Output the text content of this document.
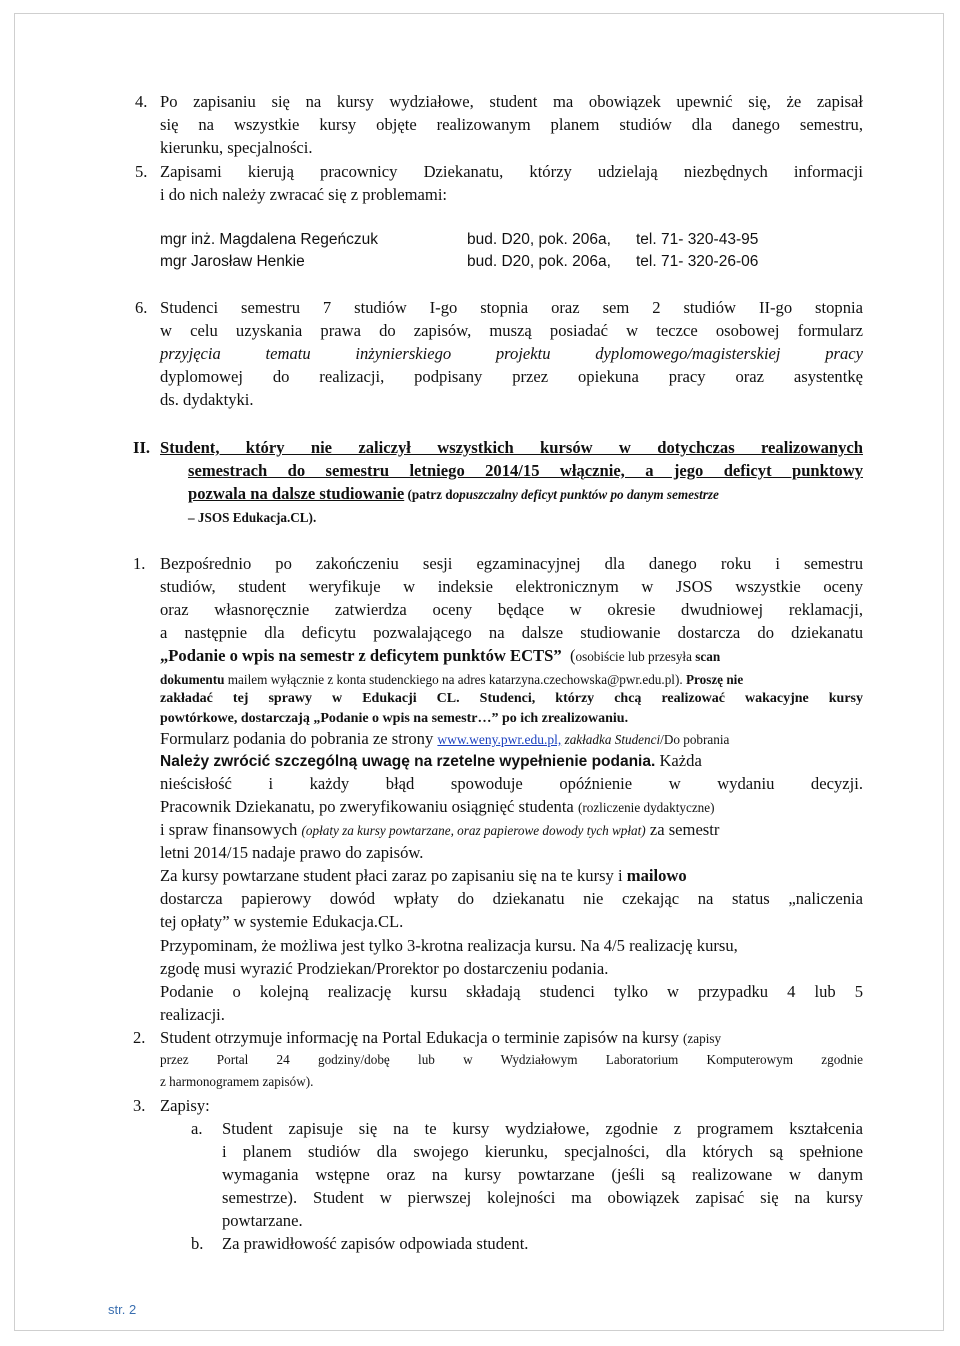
4. Po zapisaniu się na kursy wydziałowe, student ma obowiązek upewnić się, że zapisał
się na wszystkie kursy objęte realizowanym planem studiów dla danego semestru,
kierunku, specjalności.
5. Zapisami kierują pracownicy Dziekanatu, którzy udzielają niezbędnych informacji
i do nich należy zwracać się z problemami:
mgr inż. Magdalena Regeńczuk	bud. D20, pok. 206a, tel. 71- 320-43-95
mgr Jarosław Henkie	bud. D20, pok. 206a, tel. 71- 320-26-06
6. Studenci semestru 7 studiów I-go stopnia oraz sem 2 studiów II-go stopnia
w celu uzyskania prawa do zapisów, muszą posiadać w teczce osobowej formularz
przyjęcia tematu inżynierskiego projektu dyplomowego/magisterskiej pracy
dyplomowej do realizacji, podpisany przez opiekuna pracy oraz asystentkę
ds. dydaktyki.
II. Student, który nie zaliczył wszystkich kursów w dotychczas realizowanych
semestrach do semestru letniego 2014/15 włącznie, a jego deficyt punktowy
pozwala na dalsze studiowanie (patrz dopuszczalny deficyt punktów po danym semestrze
– JSOS Edukacja.CL).
1. Bezpośrednio po zakończeniu sesji egzaminacyjnej dla danego roku i semestru
studiów, student weryfikuje w indeksie elektronicznym w JSOS wszystkie oceny
oraz własnoręcznie zatwierdza oceny będące w okresie dwudniowej reklamacji,
a następnie dla deficytu pozwalającego na dalsze studiowanie dostarcza do dziekanatu
„Podanie o wpis na semestr z deficytem punktów ECTS” (osobiście lub przesyła scan
dokumentu mailem wyłącznie z konta studenckiego na adres katarzyna.czechowska@pwr.edu.pl). Proszę nie
zakładać tej sprawy w Edukacji CL. Studenci, którzy chcą realizować wakacyjne kursy
powtórkowe, dostarczają „Podanie o wpis na semestr…” po ich zrealizowaniu.
Formularz podania do pobrania ze strony www.weny.pwr.edu.pl, zakładka Studenci/Do pobrania
Należy zwrócić szczególną uwagę na rzetelne wypełnienie podania. Każda
nieścisłość i każdy błąd spowoduje opóźnienie w wydaniu decyzji.
Pracownik Dziekanatu, po zweryfikowaniu osiągnięć studenta (rozliczenie dydaktyczne)
i spraw finansowych (opłaty za kursy powtarzane, oraz papierowe dowody tych wpłat) za semestr
letni 2014/15 nadaje prawo do zapisów.
Za kursy powtarzane student płaci zaraz po zapisaniu się na te kursy i mailowo
dostarcza papierowy dowód wpłaty do dziekanatu nie czekając na status „naliczenia
tej opłaty” w systemie Edukacja.CL.
Przypominam, że możliwa jest tylko 3-krotna realizacja kursu. Na 4/5 realizację kursu,
zgodę musi wyrazić Prodziekan/Prorektor po dostarczeniu podania.
Podanie o kolejną realizację kursu składają studenci tylko w przypadku 4 lub 5
realizacji.
2. Student otrzymuje informację na Portal Edukacja o terminie zapisów na kursy (zapisy
przez Portal 24 godziny/dobę lub w Wydziałowym Laboratorium Komputerowym zgodnie
z harmonogramem zapisów).
3. Zapisy:
a. Student zapisuje się na te kursy wydziałowe, zgodnie z programem kształcenia
i planem studiów dla swojego kierunku, specjalności, dla których są spełnione
wymagania wstępne oraz na kursy powtarzane (jeśli są realizowane w danym
semestrze). Student w pierwszej kolejności ma obowiązek zapisać się na kursy
powtarzane.
b. Za prawidłowość zapisów odpowiada student.
str. 2
